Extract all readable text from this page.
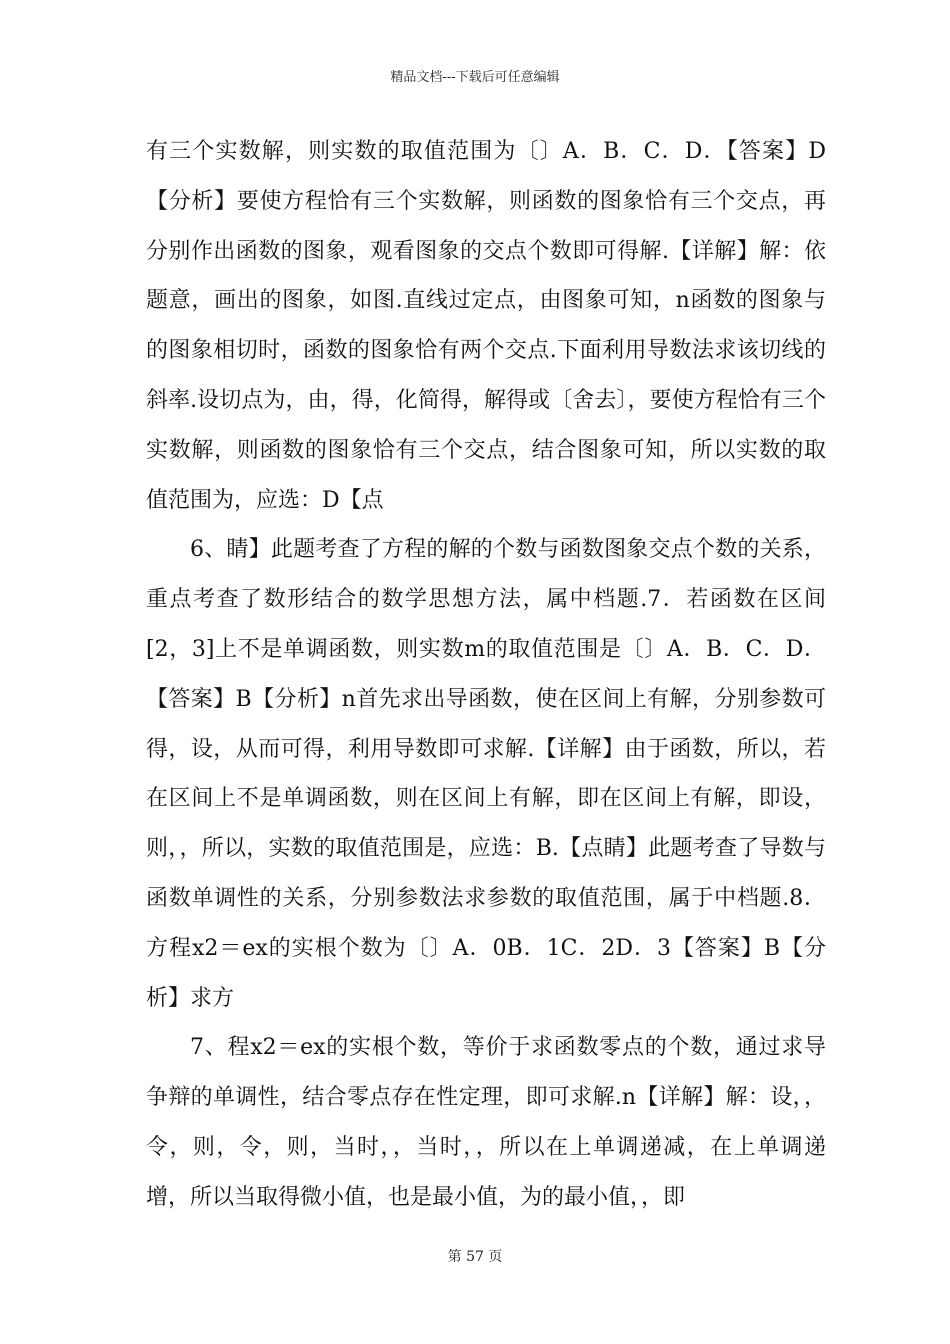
精品文档---下载后可任意编辑

有三个实数解，则实数的取值范围为〔〕A．B．C．D．【答案】D【分析】要使方程恰有三个实数解，则函数的图象恰有三个交点，再分别作出函数的图象，观看图象的交点个数即可得解.【详解】解：依题意，画出的图象，如图.直线过定点，由图象可知，n函数的图象与的图象相切时，函数的图象恰有两个交点.下面利用导数法求该切线的斜率.设切点为，由，得，化简得，解得或〔舍去〕，要使方程恰有三个实数解，则函数的图象恰有三个交点，结合图象可知，所以实数的取值范围为，应选：D【点

6、睛】此题考查了方程的解的个数与函数图象交点个数的关系，重点考查了数形结合的数学思想方法，属中档题.7．若函数在区间[2，3]上不是单调函数，则实数m的取值范围是〔〕A．B．C．D．【答案】B【分析】n首先求出导函数，使在区间上有解，分别参数可得，设，从而可得，利用导数即可求解.【详解】由于函数，所以，若在区间上不是单调函数，则在区间上有解，即在区间上有解，即设，则，，所以，实数的取值范围是，应选：B.【点睛】此题考查了导数与函数单调性的关系，分别参数法求参数的取值范围，属于中档题.8．方程x2＝ex的实根个数为〔〕A．0B．1C．2D．3【答案】B【分析】求方

7、程x2＝ex的实根个数，等价于求函数零点的个数，通过求导争辩的单调性，结合零点存在性定理，即可求解.n【详解】解：设，，令，则，令，则，当时，，当时，，所以在上单调递减，在上单调递增，所以当取得微小值，也是最小值，为的最小值，，即

第 57 页
